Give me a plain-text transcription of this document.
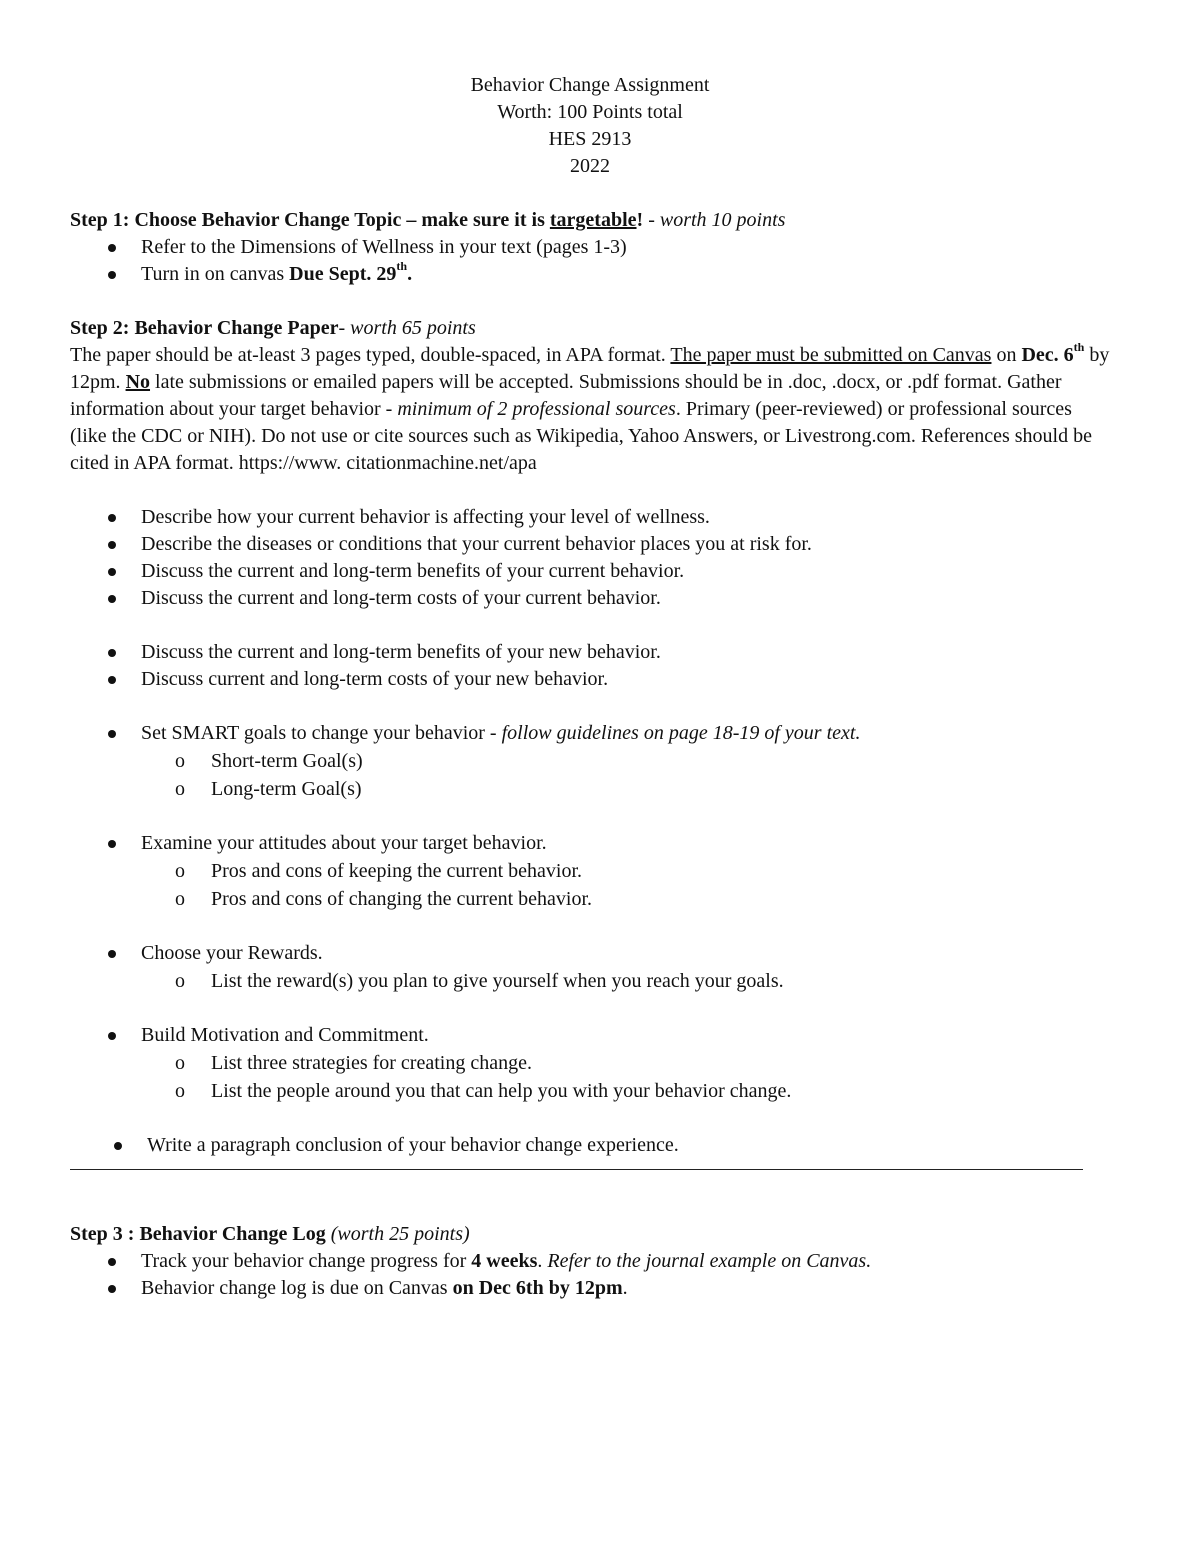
Behavior Change Assignment
Worth: 100 Points total
HES 2913
2022

Step 1: Choose Behavior Change Topic – make sure it is targetable! - worth 10 points

Refer to the Dimensions of Wellness in your text (pages 1-3)
Turn in on canvas Due Sept. 29th.

Step 2: Behavior Change Paper- worth 65 points

The paper should be at-least 3 pages typed, double-spaced, in APA format. The paper must be submitted on Canvas on Dec. 6th by 12pm. No late submissions or emailed papers will be accepted. Submissions should be in .doc, .docx, or .pdf format. Gather information about your target behavior - minimum of 2 professional sources. Primary (peer-reviewed) or professional sources (like the CDC or NIH). Do not use or cite sources such as Wikipedia, Yahoo Answers, or Livestrong.com. References should be cited in APA format. https://www. citationmachine.net/apa

Describe how your current behavior is affecting your level of wellness.
Describe the diseases or conditions that your current behavior places you at risk for.
Discuss the current and long-term benefits of your current behavior.
Discuss the current and long-term costs of your current behavior.
Discuss the current and long-term benefits of your new behavior.
Discuss current and long-term costs of your new behavior.
Set SMART goals to change your behavior - follow guidelines on page 18-19 of your text.
o Short-term Goal(s)
o Long-term Goal(s)
Examine your attitudes about your target behavior.
o Pros and cons of keeping the current behavior.
o Pros and cons of changing the current behavior.
Choose your Rewards.
o List the reward(s) you plan to give yourself when you reach your goals.
Build Motivation and Commitment.
o List three strategies for creating change.
o List the people around you that can help you with your behavior change.
Write a paragraph conclusion of your behavior change experience.

Step 3 : Behavior Change Log (worth 25 points)

Track your behavior change progress for 4 weeks. Refer to the journal example on Canvas.
Behavior change log is due on Canvas on Dec 6th by 12pm.
